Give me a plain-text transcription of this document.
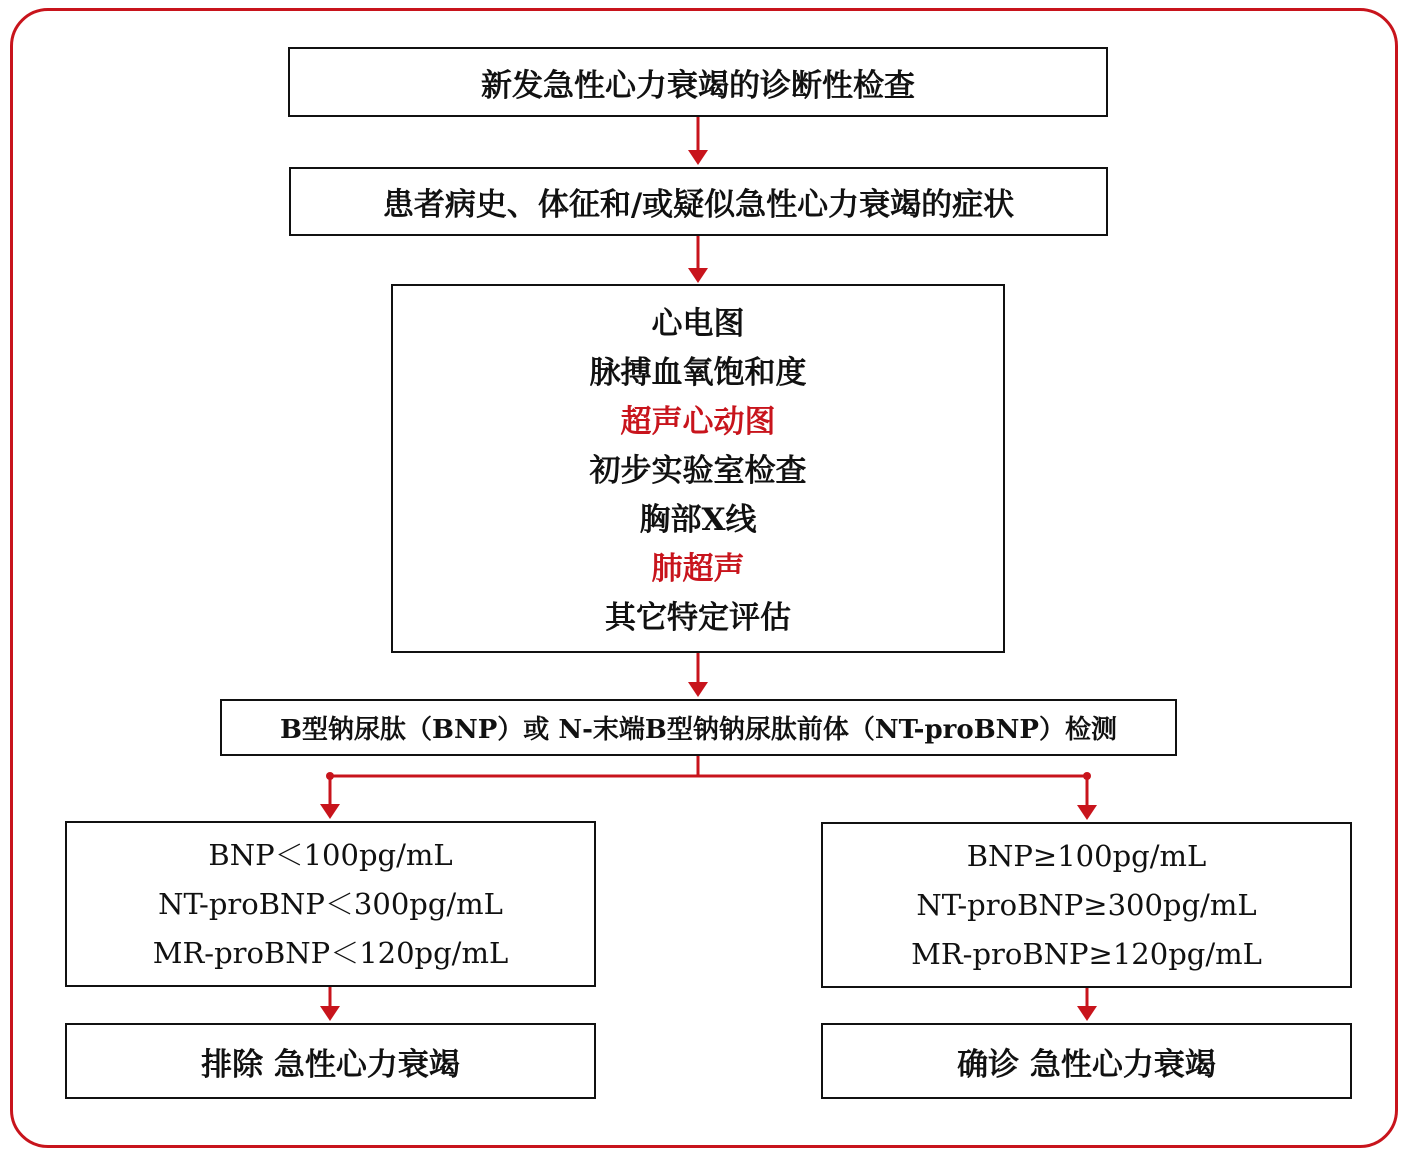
新发急性心力衰竭的诊断性检查
患者病史、体征和/或疑似急性心力衰竭的症状
心电图
脉搏血氧饱和度
超声心动图
初步实验室检查
胸部X线
肺超声
其它特定评估
B型钠尿肽（BNP）或 N-末端B型钠钠尿肽前体（NT-proBNP）检测
BNP＜100pg/mL
NT-proBNP＜300pg/mL
MR-proBNP＜120pg/mL
BNP≥100pg/mL
NT-proBNP≥300pg/mL
MR-proBNP≥120pg/mL
排除 急性心力衰竭	确诊 急性心力衰竭
